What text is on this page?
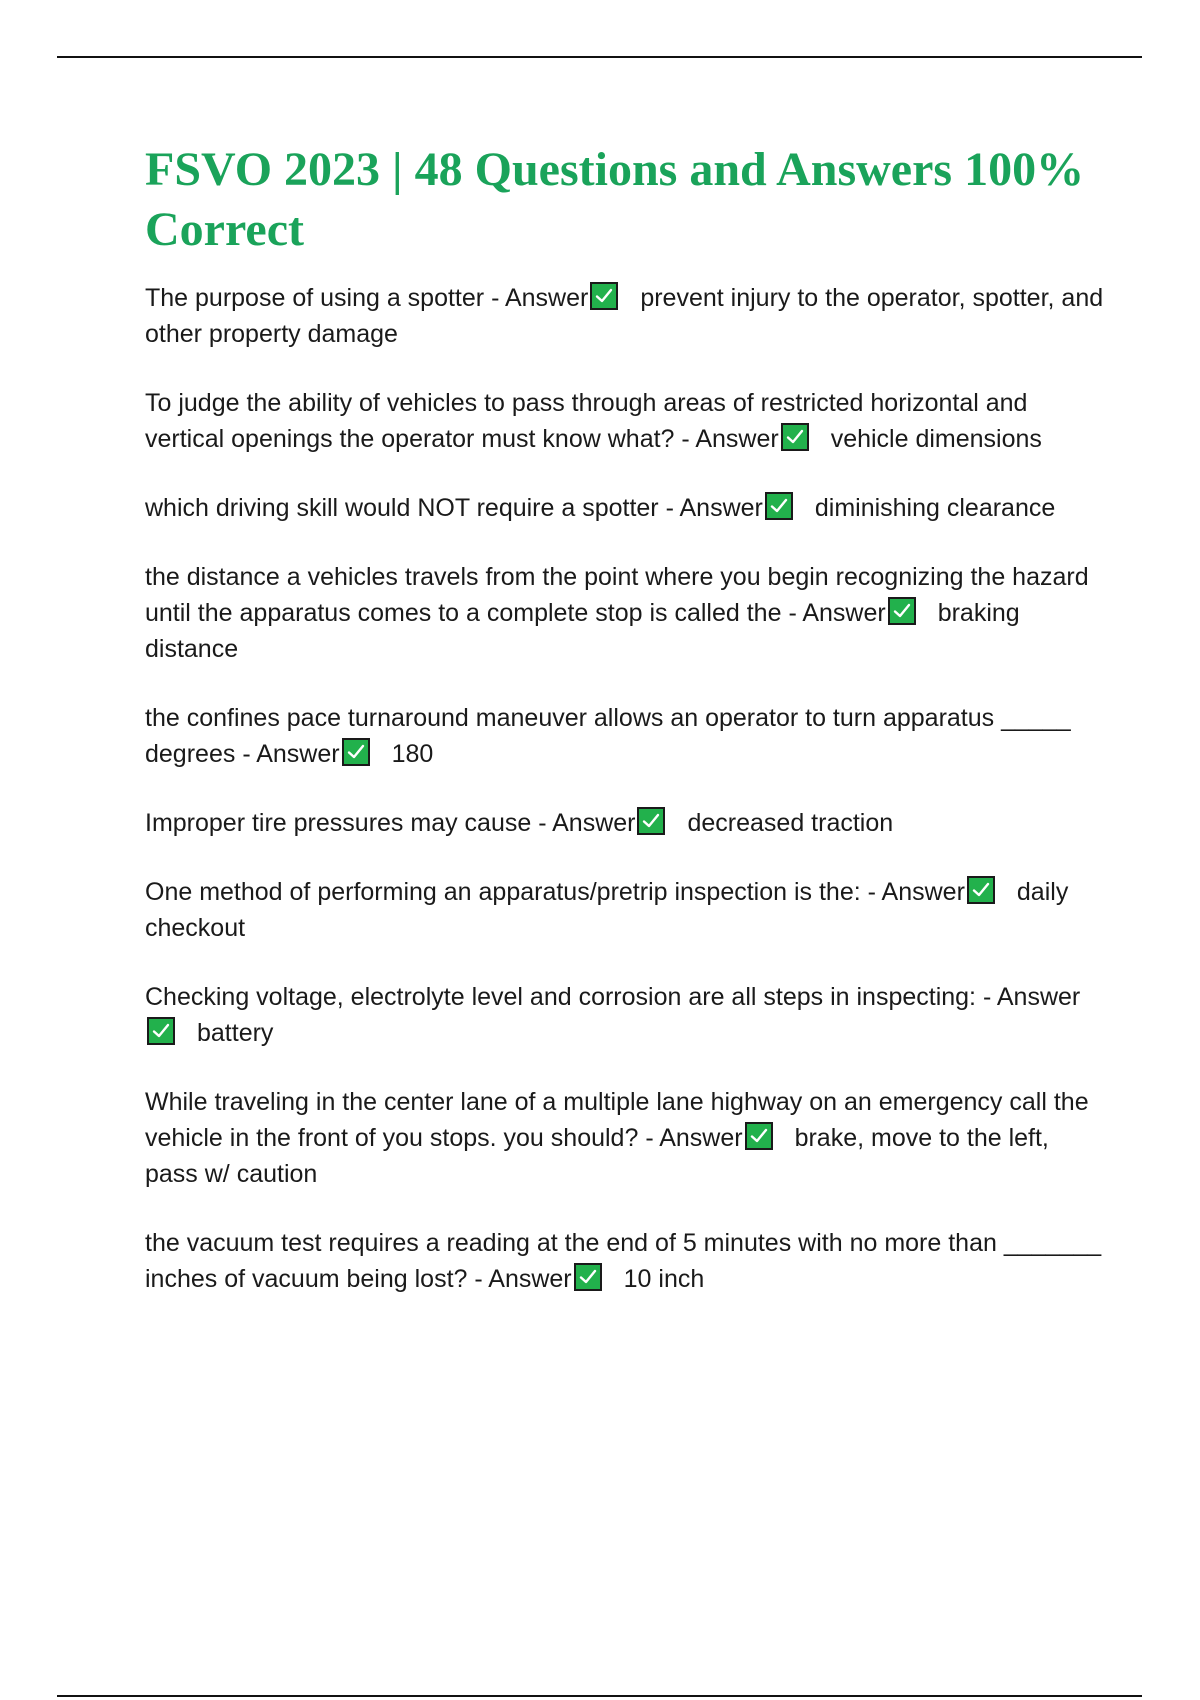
FSVO 2023 | 48 Questions and Answers 100% Correct

The purpose of using a spotter - Answer prevent injury to the operator, spotter, and other property damage

To judge the ability of vehicles to pass through areas of restricted horizontal and vertical openings the operator must know what? - Answer vehicle dimensions

which driving skill would NOT require a spotter - Answer diminishing clearance

the distance a vehicles travels from the point where you begin recognizing the hazard until the apparatus comes to a complete stop is called the - Answer braking distance

the confines pace turnaround maneuver allows an operator to turn apparatus _____ degrees - Answer 180

Improper tire pressures may cause - Answer decreased traction

One method of performing an apparatus/pretrip inspection is the: - Answer daily checkout

Checking voltage, electrolyte level and corrosion are all steps in inspecting: - Answer
battery

While traveling in the center lane of a multiple lane highway on an emergency call the vehicle in the front of you stops. you should? - Answer brake, move to the left, pass w/ caution

the vacuum test requires a reading at the end of 5 minutes with no more than _______ inches of vacuum being lost? - Answer 10 inch
